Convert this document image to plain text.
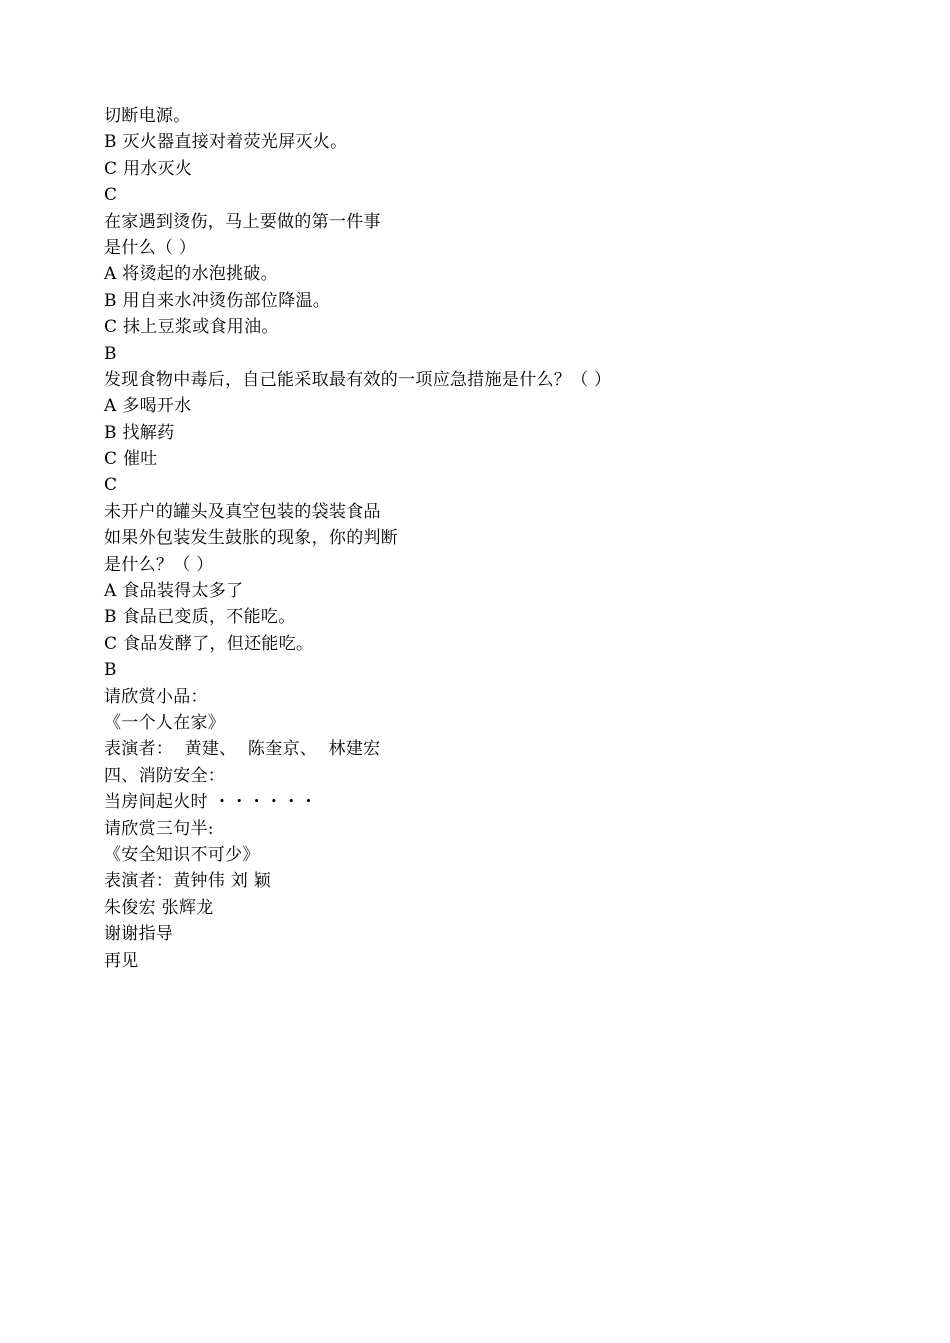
切断电源。
B 灭火器直接对着荧光屏灭火。
C 用水灭火
C
在家遇到烫伤，马上要做的第一件事
是什么（ ）
A 将烫起的水泡挑破。
B 用自来水冲烫伤部位降温。
C 抹上豆浆或食用油。
B
发现食物中毒后，自己能采取最有效的一项应急措施是什么？（ ）
A 多喝开水
B 找解药
C 催吐
C
未开户的罐头及真空包装的袋装食品
如果外包装发生鼓胀的现象，你的判断
是什么？（ ）
A 食品装得太多了
B 食品已变质，不能吃。
C 食品发酵了，但还能吃。
B
请欣赏小品：
《一个人在家》
表演者：  黄建、  陈奎京、  林建宏
四、消防安全：
当房间起火时 ・・・・・・
请欣赏三句半:
《安全知识不可少》
表演者：黄钟伟 刘 颖
朱俊宏 张辉龙
谢谢指导
再见
